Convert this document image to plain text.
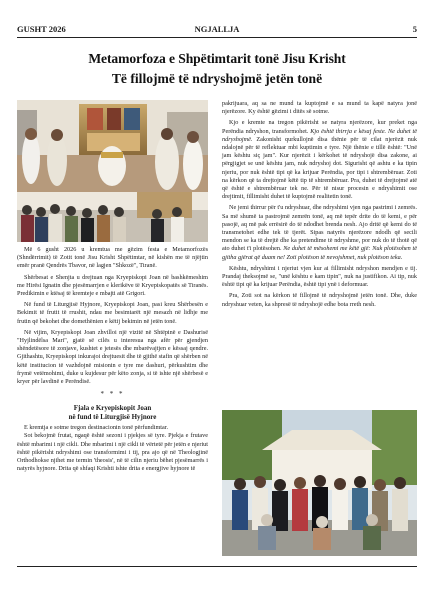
GUSHT 2026	NGJALLJA	5
Metamorfoza e Shpëtimtarit tonë Jisu Krisht
Të fillojmë të ndryshojmë jetën tonë

Më 6 gusht 2026 u kremtua me gëzim festa e Metamorfozës (Shndërrimit) të Zotit tonë Jisu Krisht Shpëtimtar, në kishën me të njëjtin emër pranë Qendrës Tbavor, në lagjen "Shkozë", Tiranë.

Shërbesat e Shenjta u drejtuan nga Kryepiskopi Joan në bashkëmeshim me Hirësi Ignatin dhe pjesëmarrjen e klerikëve të Kryepiskopatës së Tiranës. Predikimin e ktësaj të kremteje e mbajti atë Grigori.

Në fund të Liturgjisë Hyjnore, Kryepiskopi Joan, pasi kreu Shërbesën e Bekimit të frutit të rrushit, ndau me besimtarët një mesazh në lidhje me frutin që bekohet dhe domethënien e këtij bekimin në jetën tonë.

Në vijim, Kryepiskopi Joan zhvilloi një vizitë në Shtëpinë e Dashurisë "Hyjlindëlsa Mari", gjatë së cilës u interesua nga afër për gjendjen shëndetësore të zonjave, kushtet e jetesës dhe mbarëvajtjen e këssaj qendre. Gjithashtu, Kryepiskopi inkurajoi drejtuesit dhe të gjithë stafin që shërben në këtë institucion të vazhdojnë misionin e tyre me dashuri, përkushtim dhe frymë vetëmohimi, duke u kujdesur për këto zonja, si të ishte një shërbesë e kryer për lavdinë e Perëndisë.

* * *
Fjala e Kryepiskopit Joan
në fund të Liturgjisë Hyjnore

E kremtja e sotme tregon destinacionin tonë përfundimtar.

Sot bekojmë frutat, ngaqë është sezoni i pjekjes së tyre. Pjekja e frutave është mbarimi i një cikli. Dhe mbarimi i një cikli të vërtetë për jetën e njeriut është pikërisht ndryshimi ose transformimi i tij, pra ajo që në Theologjinë Orthodhokse njihet me termin 'theosis', në të cilin njeriu bëhet pjesëmarrës i natyrës hyjnore. Drita që shfaqi Krishti ishte drita e energjive hyjnore të

pakrijuara, aq sa ne mund ta kuptojmë e sa mund ta kapë natyra jonë njerëzore. Ky është gëzimi i ditës së sotme.

Kjo e kremte na tregon pikërisht se natyra njerëzore, kur preket nga Perëndia ndryshon, transformohet. Kjo është thirrja e kësaj feste. Ne duhet të ndryshojmë. Zakonisht qurkullojnë disa thënie për të cilat njerëzit nuk ndalojnë për të reflektuar mbi kuptimin e tyre. Një thënie e tillë është: "Unë jam kështu siç jam". Kur njerëzit i kërkohet të ndryshojë disa zakone, ai përgjigjet se unë kështu jam, nuk ndryshoj dot. Sigurisht që ashtu e ka tipin njeriu, por nuk është tipi që ka krijuar Perëndia, por tipi i shtrembëruar. Zoti na kërkon që ta drejtojmë këtë tip të shtrembëruar. Pra, duhet të drejtojmë atë që është e shtrembëruar tek ne. Për të nisur procesin e ndryshimit ose drejtimit, fillimisht duhet të kuptojmë realitetin tonë.

Ne jemi thirrur për t'u ndryshuar, dhe ndryshimi vjen nga pastrimi i zemrës. Sa më shumë ta pastrojmë zemrën tonë, aq më tepër drite do të kemi, e për pasojë, aq më pak errësirë do të ndodhet brenda nesh. Ajo dritë që kemi do të transmetohet edhe tek të tjerët. Sipas natyrës njerëzore ndodh që secili mendon se ka të drejtë dhe ka pretendime të ndryshme, por nuk do të thotë që ato duhet t'i plotësohen. Ne duhet të mësohemi me këtë gjë: Nuk plotësohen të gjitha gjërat që duam ne! Zoti plotëson të nevojshmet, nuk plotëson teka.

Kështu, ndryshimi i njeriut vjen kur ai fillimisht ndryshon mendjen e tij. Prandaj theksojmë se, "unë kështu e kam tipin", nuk na justifikon. Ai tip, nuk është tipi që ka krijuar Perëndia, është tipi ynë i deformuar.

Pra, Zoti sot na kërkon të fillojmë të ndryshojmë jetën tonë. Dhe, duke ndryshuar veten, ka shpresë të ndryshojë edhe bota rreth nesh.
